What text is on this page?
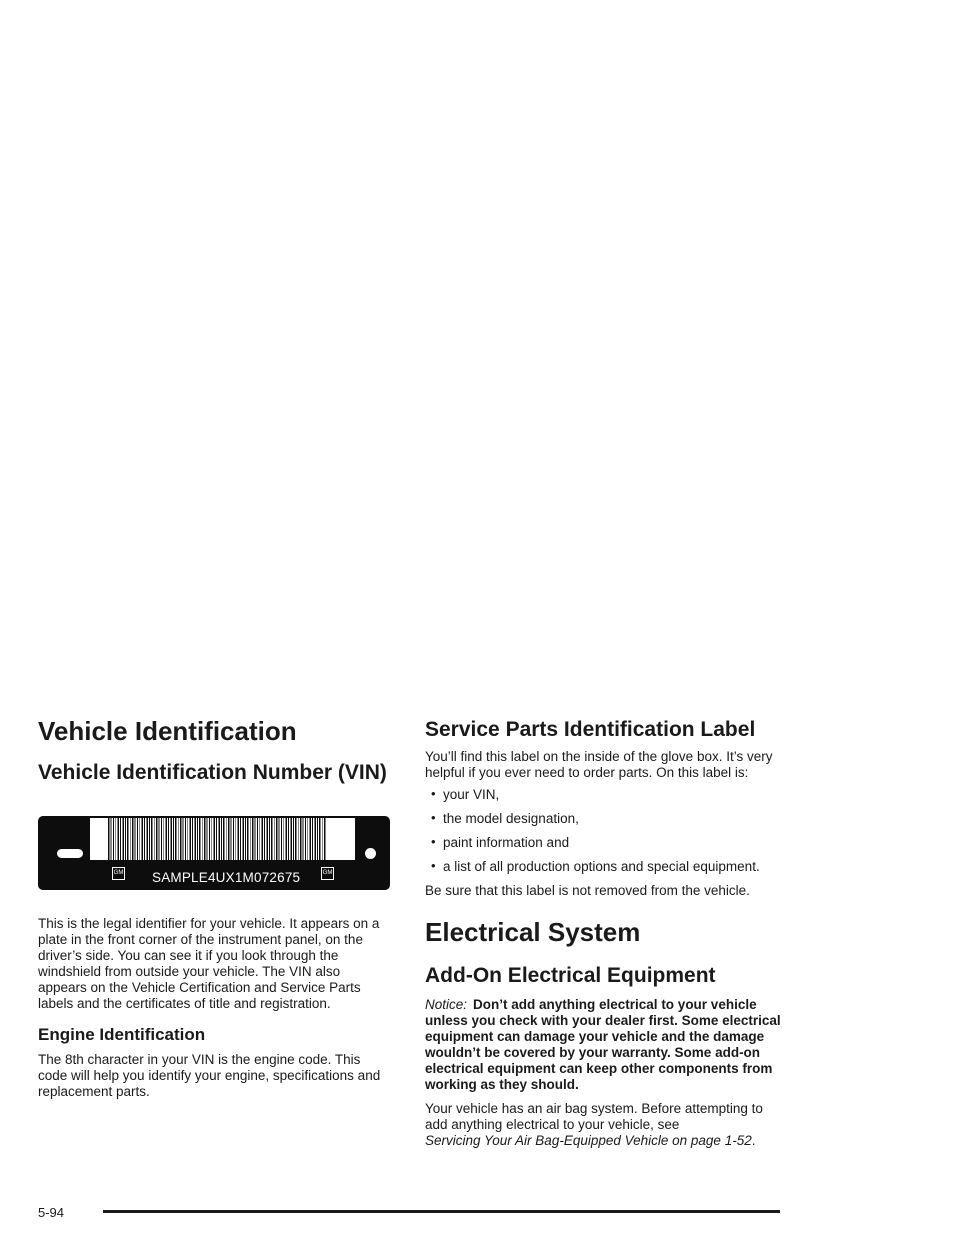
Vehicle Identification
Vehicle Identification Number (VIN)
GM SAMPLE4UX1M072675	GM

This is the legal identifier for your vehicle. It appears on a plate in the front corner of the instrument panel, on the driver’s side. You can see it if you look through the windshield from outside your vehicle. The VIN also appears on the Vehicle Certification and Service Parts labels and the certificates of title and registration.

Engine Identification

The 8th character in your VIN is the engine code. This code will help you identify your engine, specifications and replacement parts.

Service Parts Identification Label

You’ll find this label on the inside of the glove box. It’s very helpful if you ever need to order parts. On this label is:

• your VIN,
• the model designation,
• paint information and
• a list of all production options and special equipment.

Be sure that this label is not removed from the vehicle.

Electrical System
Add-On Electrical Equipment

Notice: Don’t add anything electrical to your vehicle unless you check with your dealer first. Some electrical equipment can damage your vehicle and the damage wouldn’t be covered by your warranty. Some add-on electrical equipment can keep other components from working as they should.

Your vehicle has an air bag system. Before attempting to add anything electrical to your vehicle, see
Servicing Your Air Bag-Equipped Vehicle on page 1-52.

5-94
